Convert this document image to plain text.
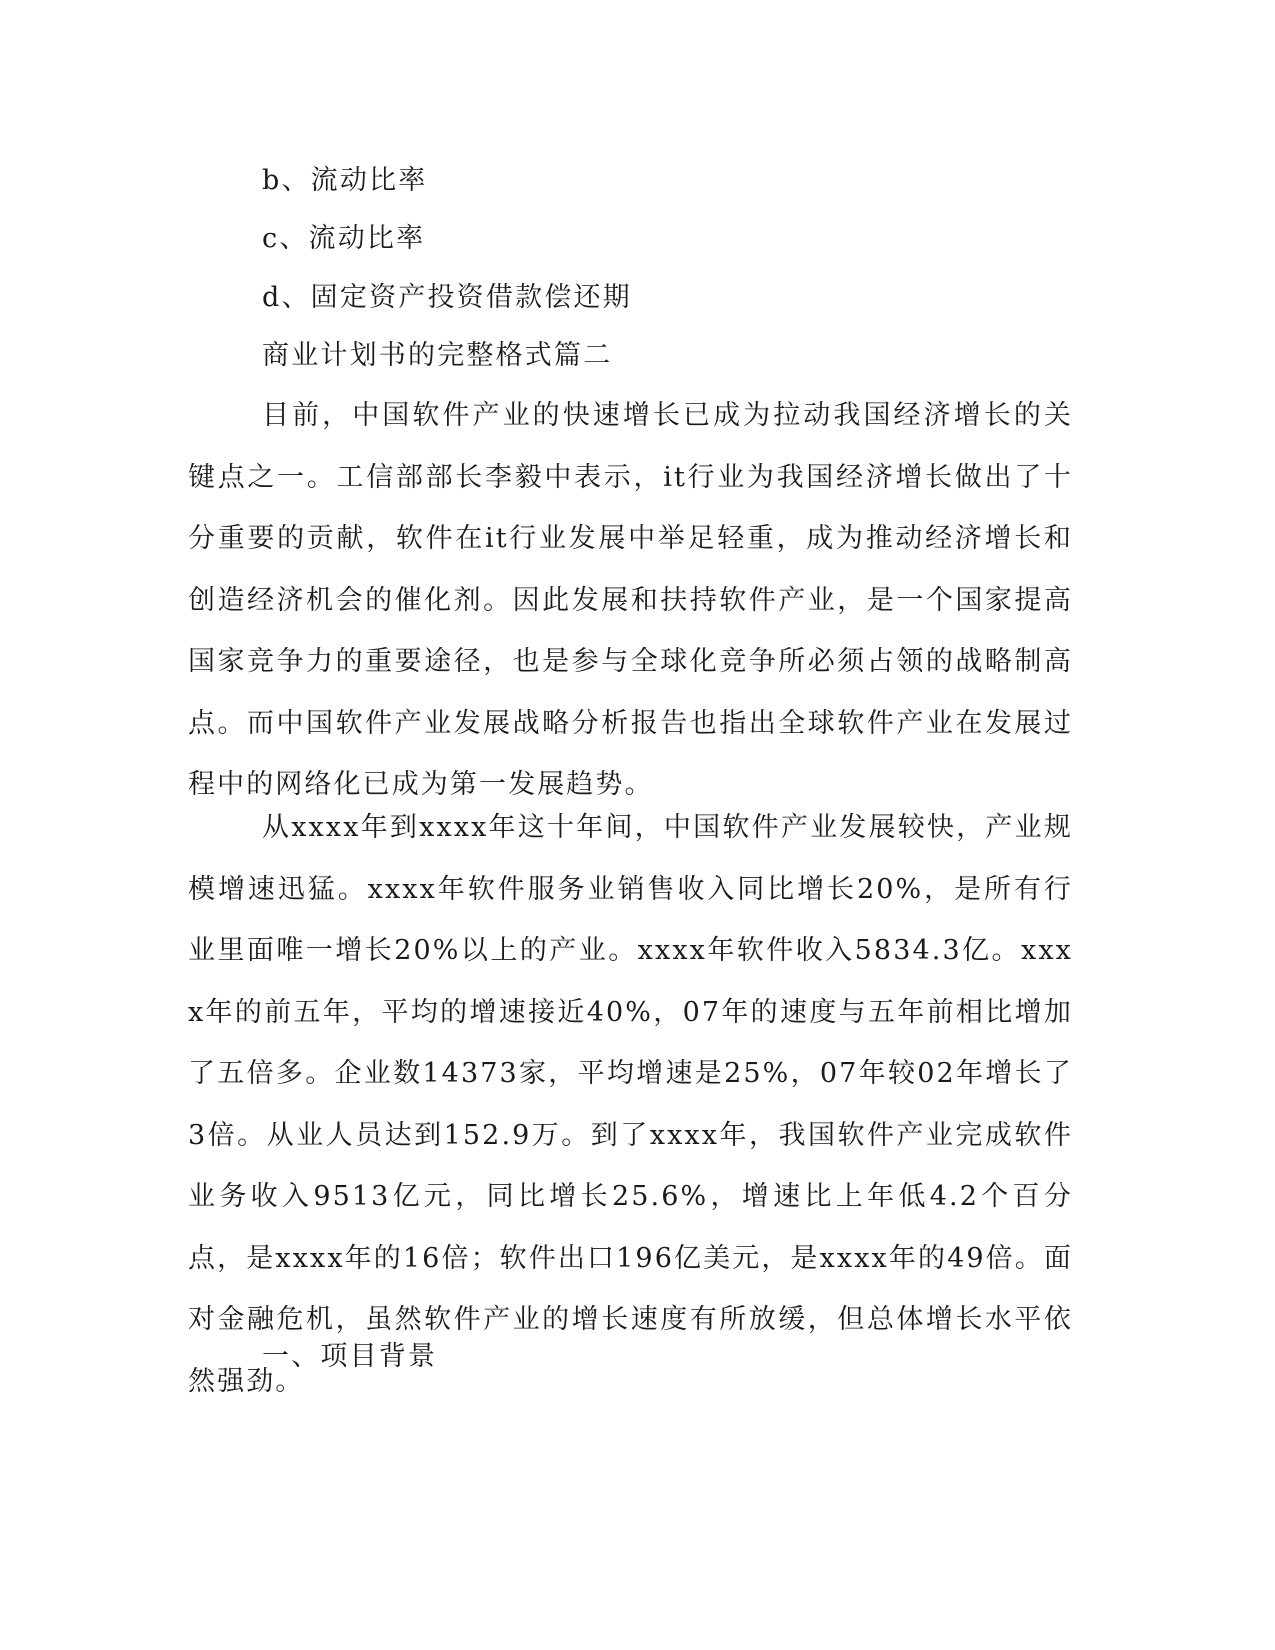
b、流动比率
c、流动比率
d、固定资产投资借款偿还期
商业计划书的完整格式篇二
目前，中国软件产业的快速增长已成为拉动我国经济增长的关键点之一。工信部部长李毅中表示，it行业为我国经济增长做出了十分重要的贡献，软件在it行业发展中举足轻重，成为推动经济增长和创造经济机会的催化剂。因此发展和扶持软件产业，是一个国家提高国家竞争力的重要途径，也是参与全球化竞争所必须占领的战略制高点。而中国软件产业发展战略分析报告也指出全球软件产业在发展过程中的网络化已成为第一发展趋势。
从xxxx年到xxxx年这十年间，中国软件产业发展较快，产业规模增速迅猛。xxxx年软件服务业销售收入同比增长20%，是所有行业里面唯一增长20%以上的产业。xxxx年软件收入5834.3亿。xxxx年的前五年，平均的增速接近40%，07年的速度与五年前相比增加了五倍多。企业数14373家，平均增速是25%，07年较02年增长了3倍。从业人员达到152.9万。到了xxxx年，我国软件产业完成软件业务收入9513亿元，同比增长25.6%，增速比上年低4.2个百分点，是xxxx年的16倍；软件出口196亿美元，是xxxx年的49倍。面对金融危机，虽然软件产业的增长速度有所放缓，但总体增长水平依然强劲。
一、项目背景
